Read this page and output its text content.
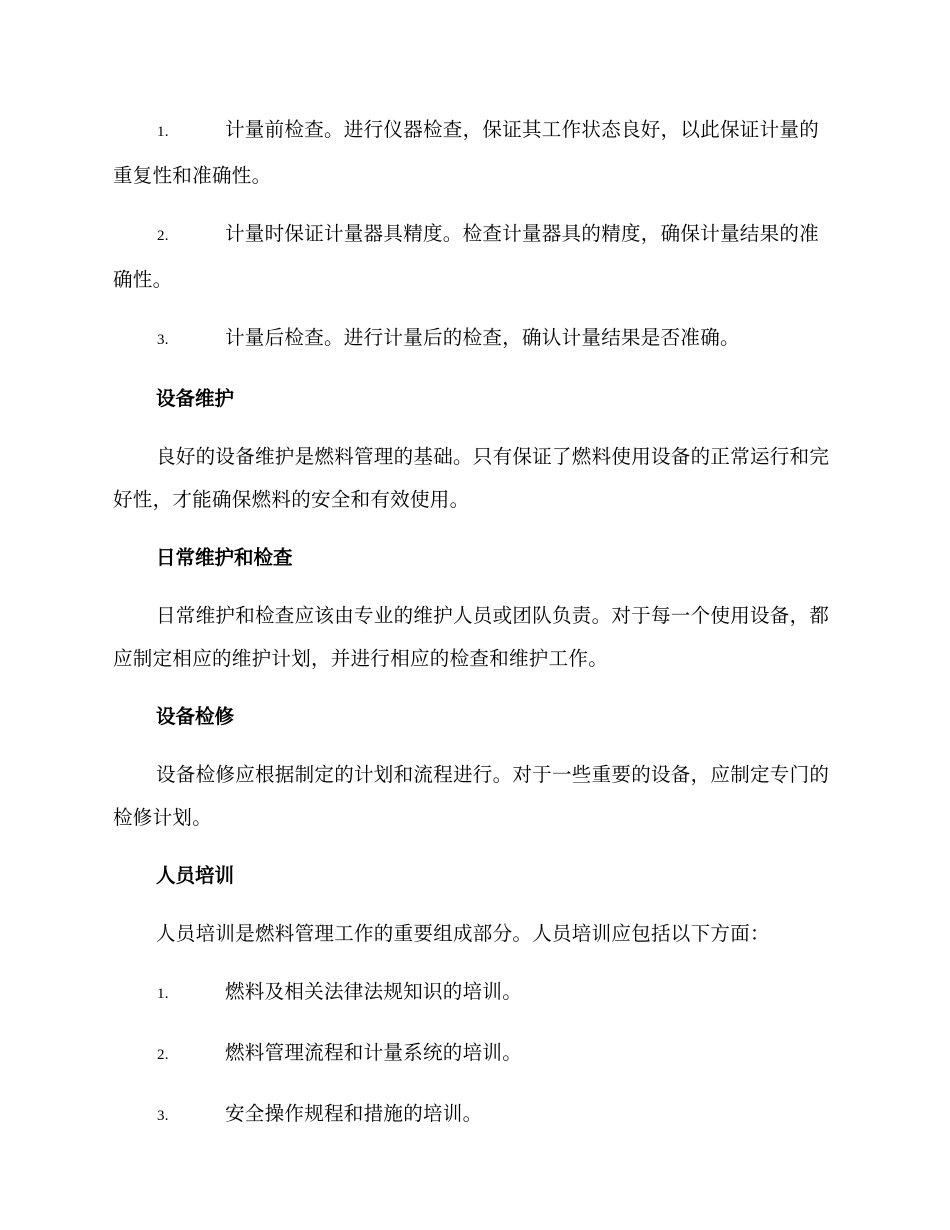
1.	计量前检查。进行仪器检查，保证其工作状态良好，以此保证计量的重复性和准确性。

2.	计量时保证计量器具精度。检查计量器具的精度，确保计量结果的准确性。

3.	计量后检查。进行计量后的检查，确认计量结果是否准确。

设备维护

良好的设备维护是燃料管理的基础。只有保证了燃料使用设备的正常运行和完好性，才能确保燃料的安全和有效使用。

日常维护和检查

日常维护和检查应该由专业的维护人员或团队负责。对于每一个使用设备，都应制定相应的维护计划，并进行相应的检查和维护工作。

设备检修

设备检修应根据制定的计划和流程进行。对于一些重要的设备，应制定专门的检修计划。

人员培训

人员培训是燃料管理工作的重要组成部分。人员培训应包括以下方面：

1.	燃料及相关法律法规知识的培训。

2.	燃料管理流程和计量系统的培训。

3.	安全操作规程和措施的培训。
